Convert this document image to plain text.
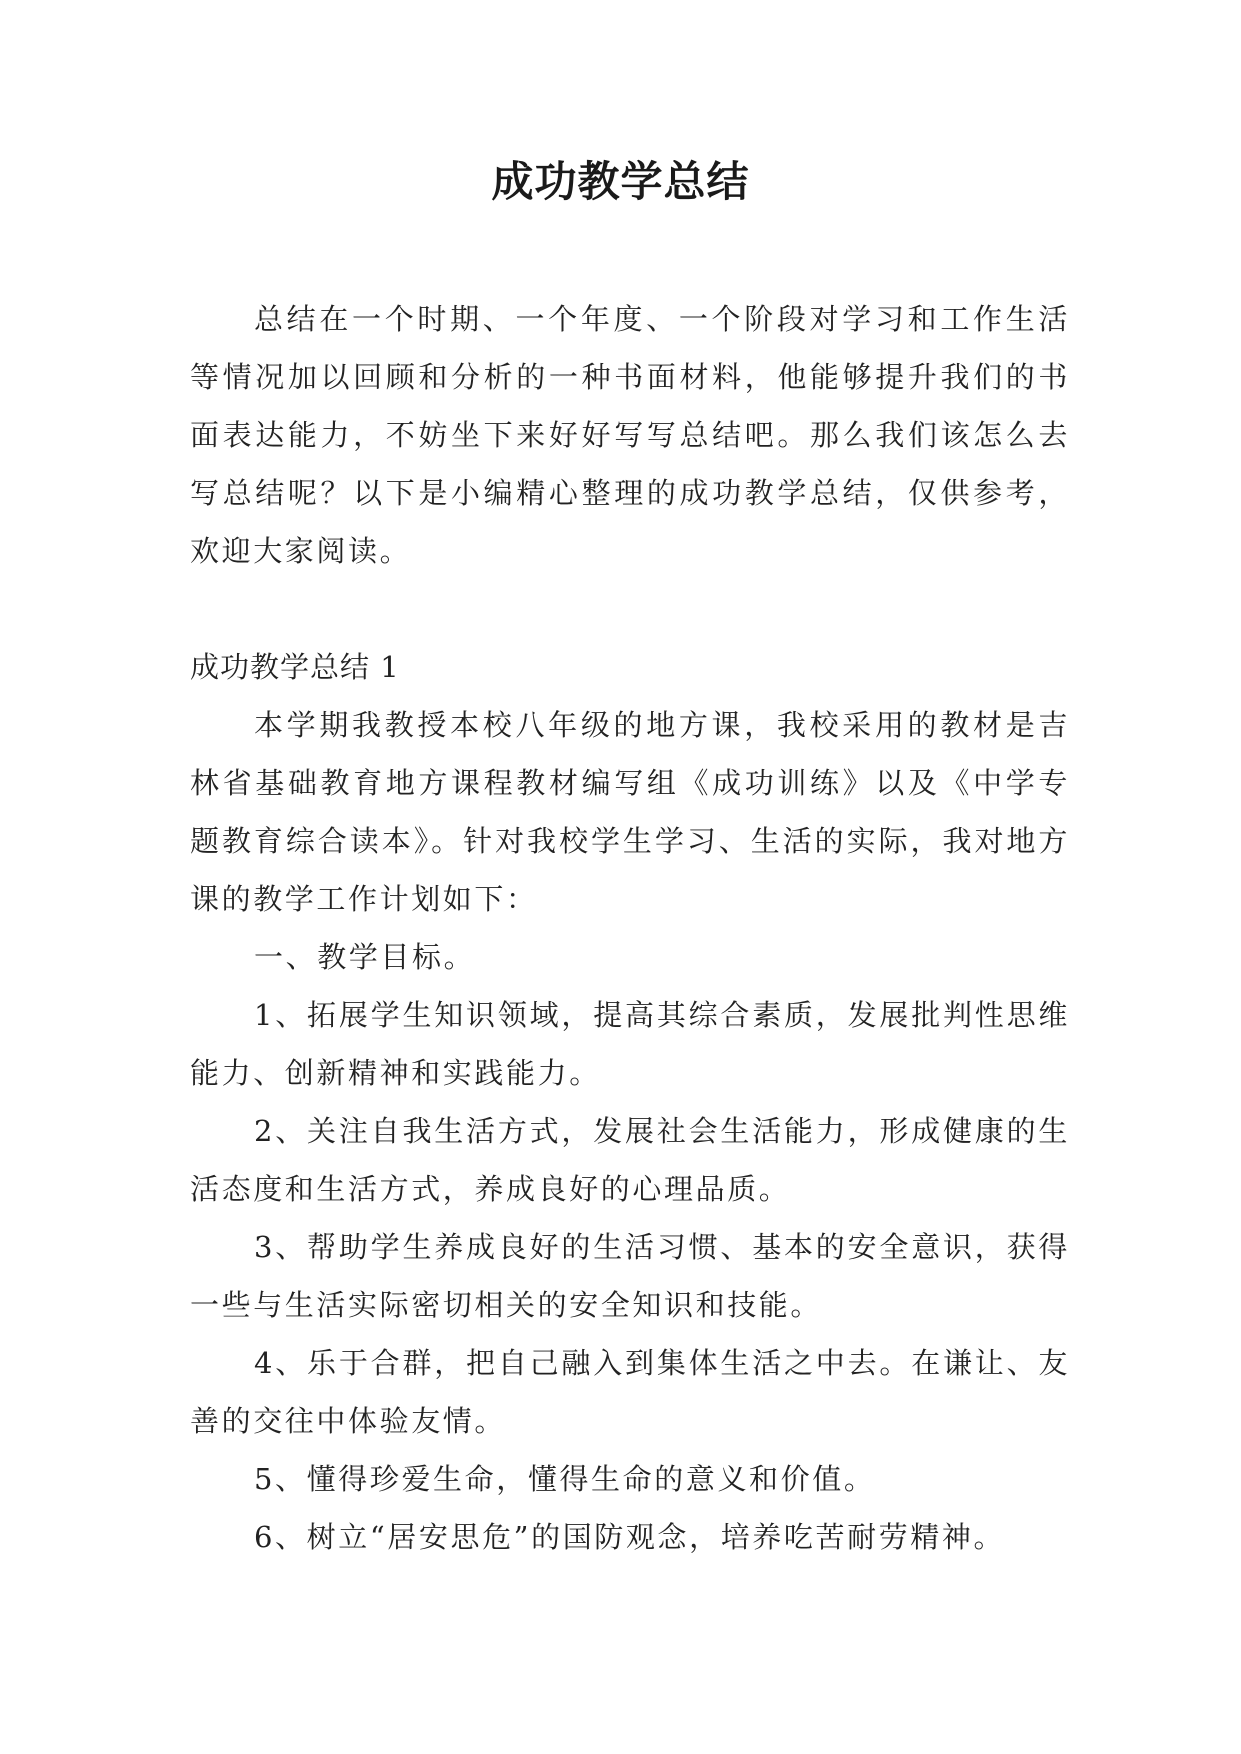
成功教学总结

总结在一个时期、一个年度、一个阶段对学习和工作生活等情况加以回顾和分析的一种书面材料，他能够提升我们的书面表达能力，不妨坐下来好好写写总结吧。那么我们该怎么去写总结呢？以下是小编精心整理的成功教学总结，仅供参考，欢迎大家阅读。

成功教学总结 1

本学期我教授本校八年级的地方课，我校采用的教材是吉林省基础教育地方课程教材编写组《成功训练》以及《中学专题教育综合读本》。针对我校学生学习、生活的实际，我对地方课的教学工作计划如下：

一、教学目标。

1、拓展学生知识领域，提高其综合素质，发展批判性思维能力、创新精神和实践能力。

2、关注自我生活方式，发展社会生活能力，形成健康的生活态度和生活方式，养成良好的心理品质。

3、帮助学生养成良好的生活习惯、基本的安全意识，获得一些与生活实际密切相关的安全知识和技能。

4、乐于合群，把自己融入到集体生活之中去。在谦让、友善的交往中体验友情。

5、懂得珍爱生命，懂得生命的意义和价值。

6、树立“居安思危”的国防观念，培养吃苦耐劳精神。
